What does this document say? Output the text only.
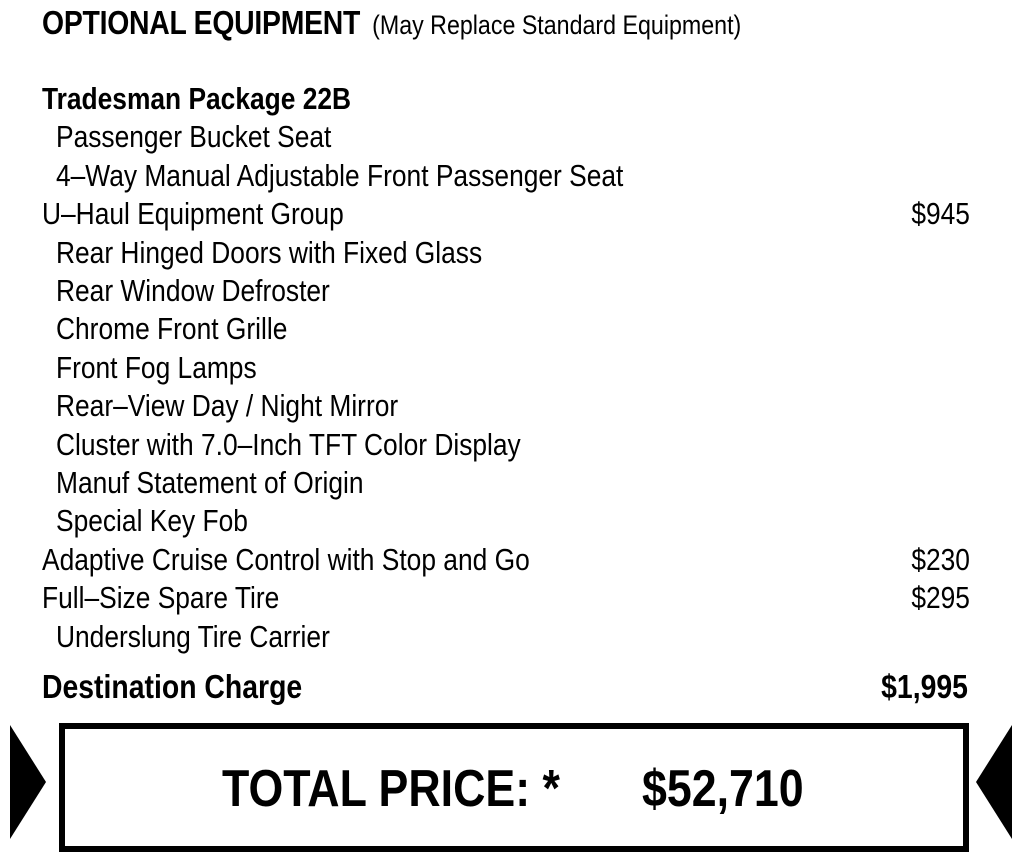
OPTIONAL EQUIPMENT (May Replace Standard Equipment)
Tradesman Package 22B
Passenger Bucket Seat
4–Way Manual Adjustable Front Passenger Seat
U–Haul Equipment Group	$945
Rear Hinged Doors with Fixed Glass
Rear Window Defroster
Chrome Front Grille
Front Fog Lamps
Rear–View Day / Night Mirror
Cluster with 7.0–Inch TFT Color Display
Manuf Statement of Origin
Special Key Fob
Adaptive Cruise Control with Stop and Go	$230
Full–Size Spare Tire	$295
Underslung Tire Carrier
Destination Charge	$1,995
TOTAL PRICE: * $52,710
